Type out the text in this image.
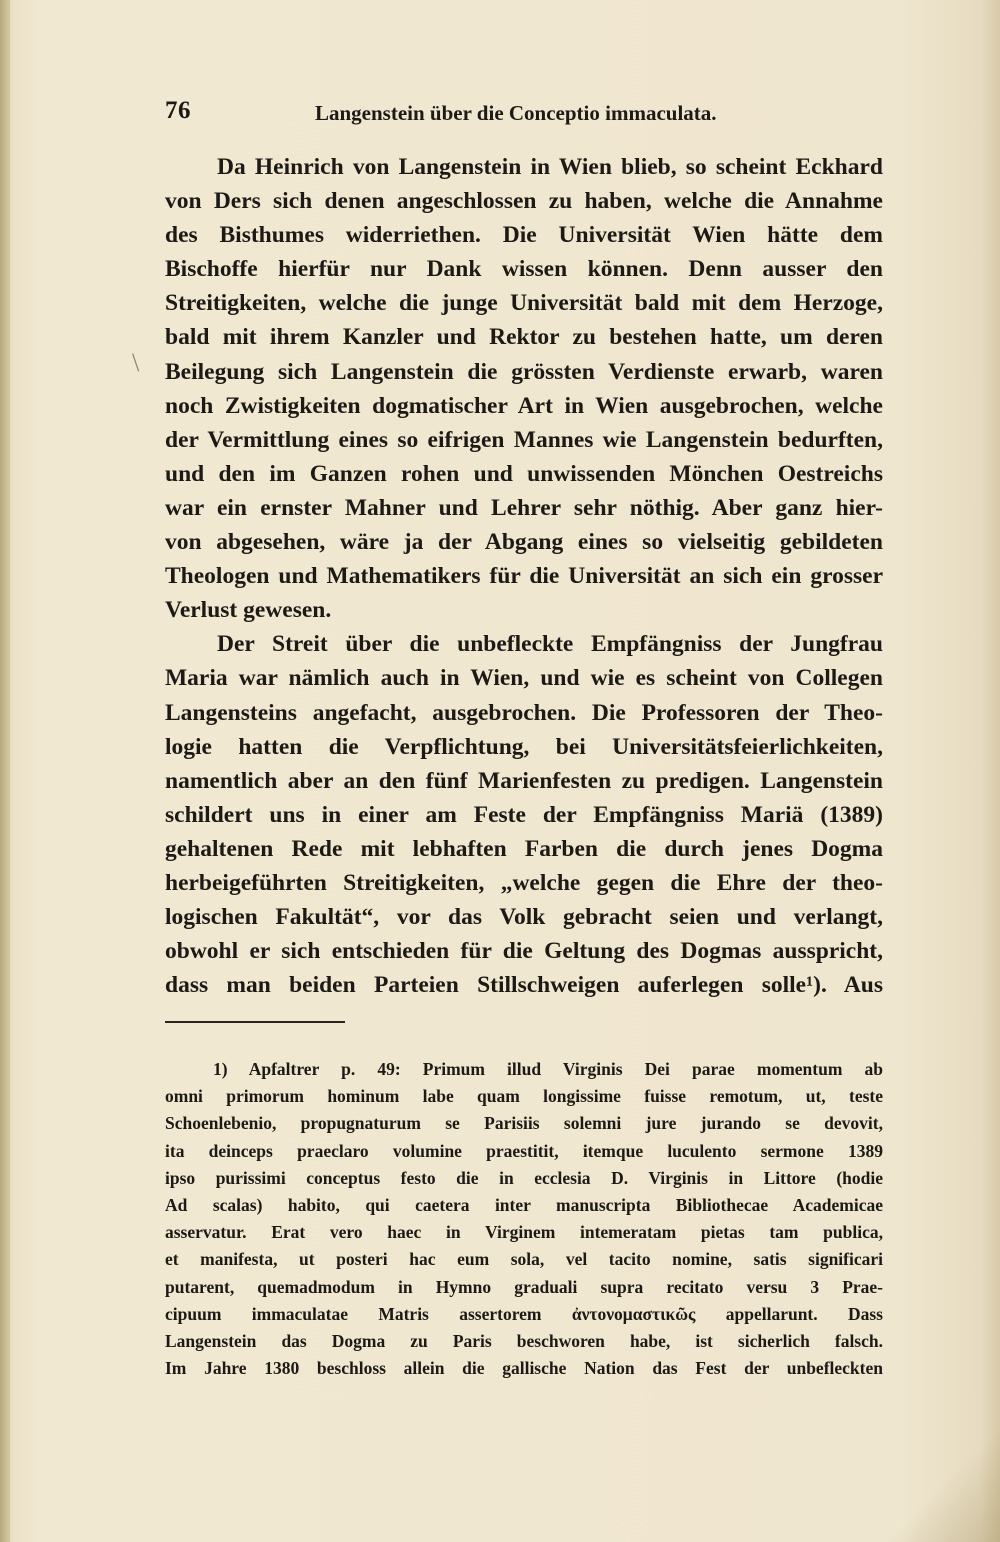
76	Langenstein über die Conceptio immaculata.
\

Da Heinrich von Langenstein in Wien blieb, so scheint Eckhard

von Ders sich denen angeschlossen zu haben, welche die Annahme

des Bisthumes widerriethen. Die Universität Wien hätte dem

Bischoffe hierfür nur Dank wissen können. Denn ausser den

Streitigkeiten, welche die junge Universität bald mit dem Herzoge,

bald mit ihrem Kanzler und Rektor zu bestehen hatte, um deren

Beilegung sich Langenstein die grössten Verdienste erwarb, waren

noch Zwistigkeiten dogmatischer Art in Wien ausgebrochen, welche

der Vermittlung eines so eifrigen Mannes wie Langenstein bedurften,

und den im Ganzen rohen und unwissenden Mönchen Oestreichs

war ein ernster Mahner und Lehrer sehr nöthig. Aber ganz hier-

von abgesehen, wäre ja der Abgang eines so vielseitig gebildeten

Theologen und Mathematikers für die Universität an sich ein grosser

Verlust gewesen.

Der Streit über die unbefleckte Empfängniss der Jungfrau

Maria war nämlich auch in Wien, und wie es scheint von Collegen

Langensteins angefacht, ausgebrochen. Die Professoren der Theo-

logie hatten die Verpflichtung, bei Universitätsfeierlichkeiten,

namentlich aber an den fünf Marienfesten zu predigen. Langenstein

schildert uns in einer am Feste der Empfängniss Mariä (1389)

gehaltenen Rede mit lebhaften Farben die durch jenes Dogma

herbeigeführten Streitigkeiten, „welche gegen die Ehre der theo-

logischen Fakultät“, vor das Volk gebracht seien und verlangt,

obwohl er sich entschieden für die Geltung des Dogmas ausspricht,

dass man beiden Parteien Stillschweigen auferlegen solle¹). Aus

1) Apfaltrer p. 49: Primum illud Virginis Dei parae momentum ab

omni primorum hominum labe quam longissime fuisse remotum, ut, teste

Schoenlebenio, propugnaturum se Parisiis solemni jure jurando se devovit,

ita deinceps praeclaro volumine praestitit, itemque luculento sermone 1389

ipso purissimi conceptus festo die in ecclesia D. Virginis in Littore (hodie

Ad scalas) habito, qui caetera inter manuscripta Bibliothecae Academicae

asservatur. Erat vero haec in Virginem intemeratam pietas tam publica,

et manifesta, ut posteri hac eum sola, vel tacito nomine, satis significari

putarent, quemadmodum in Hymno graduali supra recitato versu 3 Prae-

cipuum immaculatae Matris assertorem ἀντονομαστικῶς appellarunt. Dass

Langenstein das Dogma zu Paris beschworen habe, ist sicherlich falsch.

Im Jahre 1380 beschloss allein die gallische Nation das Fest der unbefleckten
